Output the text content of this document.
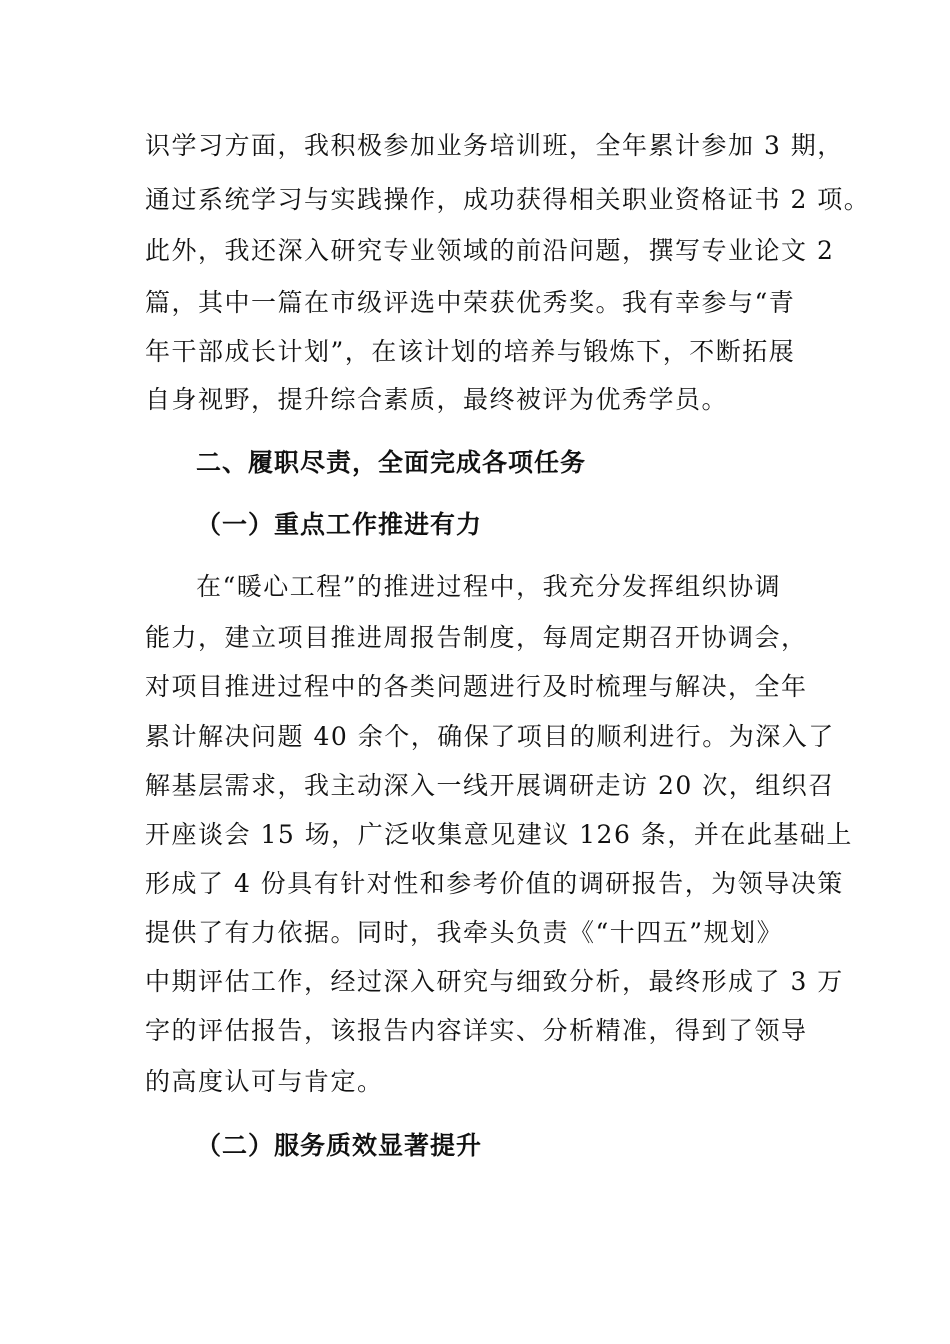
识学习方面，我积极参加业务培训班，全年累计参加 3 期，
通过系统学习与实践操作，成功获得相关职业资格证书 2 项。
此外，我还深入研究专业领域的前沿问题，撰写专业论文 2
篇，其中一篇在市级评选中荣获优秀奖。我有幸参与“青
年干部成长计划”，在该计划的培养与锻炼下，不断拓展
自身视野，提升综合素质，最终被评为优秀学员。
二、履职尽责，全面完成各项任务
（一）重点工作推进有力
在“暖心工程”的推进过程中，我充分发挥组织协调
能力，建立项目推进周报告制度，每周定期召开协调会，
对项目推进过程中的各类问题进行及时梳理与解决，全年
累计解决问题 40 余个，确保了项目的顺利进行。为深入了
解基层需求，我主动深入一线开展调研走访 20 次，组织召
开座谈会 15 场，广泛收集意见建议 126 条，并在此基础上
形成了 4 份具有针对性和参考价值的调研报告，为领导决策
提供了有力依据。同时，我牵头负责《“十四五”规划》
中期评估工作，经过深入研究与细致分析，最终形成了 3 万
字的评估报告，该报告内容详实、分析精准，得到了领导
的高度认可与肯定。
（二）服务质效显著提升
